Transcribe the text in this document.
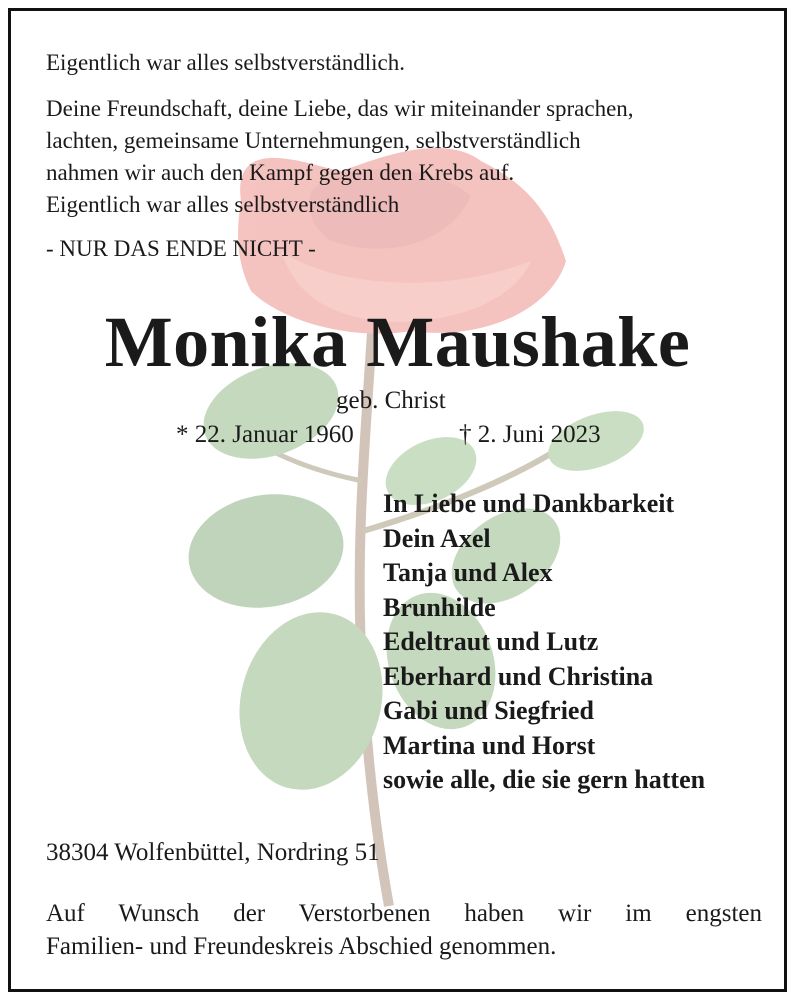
Eigentlich war alles selbstverständlich.
Deine Freundschaft, deine Liebe, das wir miteinander sprachen,
lachten, gemeinsame Unternehmungen, selbstverständlich
nahmen wir auch den Kampf gegen den Krebs auf.
Eigentlich war alles selbstverständlich
- NUR DAS ENDE NICHT -
Monika Maushake
geb. Christ
* 22. Januar 1960	† 2. Juni 2023
In Liebe und Dankbarkeit
Dein Axel
Tanja und Alex
Brunhilde
Edeltraut und Lutz
Eberhard und Christina
Gabi und Siegfried
Martina und Horst
sowie alle, die sie gern hatten
38304 Wolfenbüttel, Nordring 51
Auf Wunsch der Verstorbenen haben wir im engsten
Familien- und Freundeskreis Abschied genommen.
